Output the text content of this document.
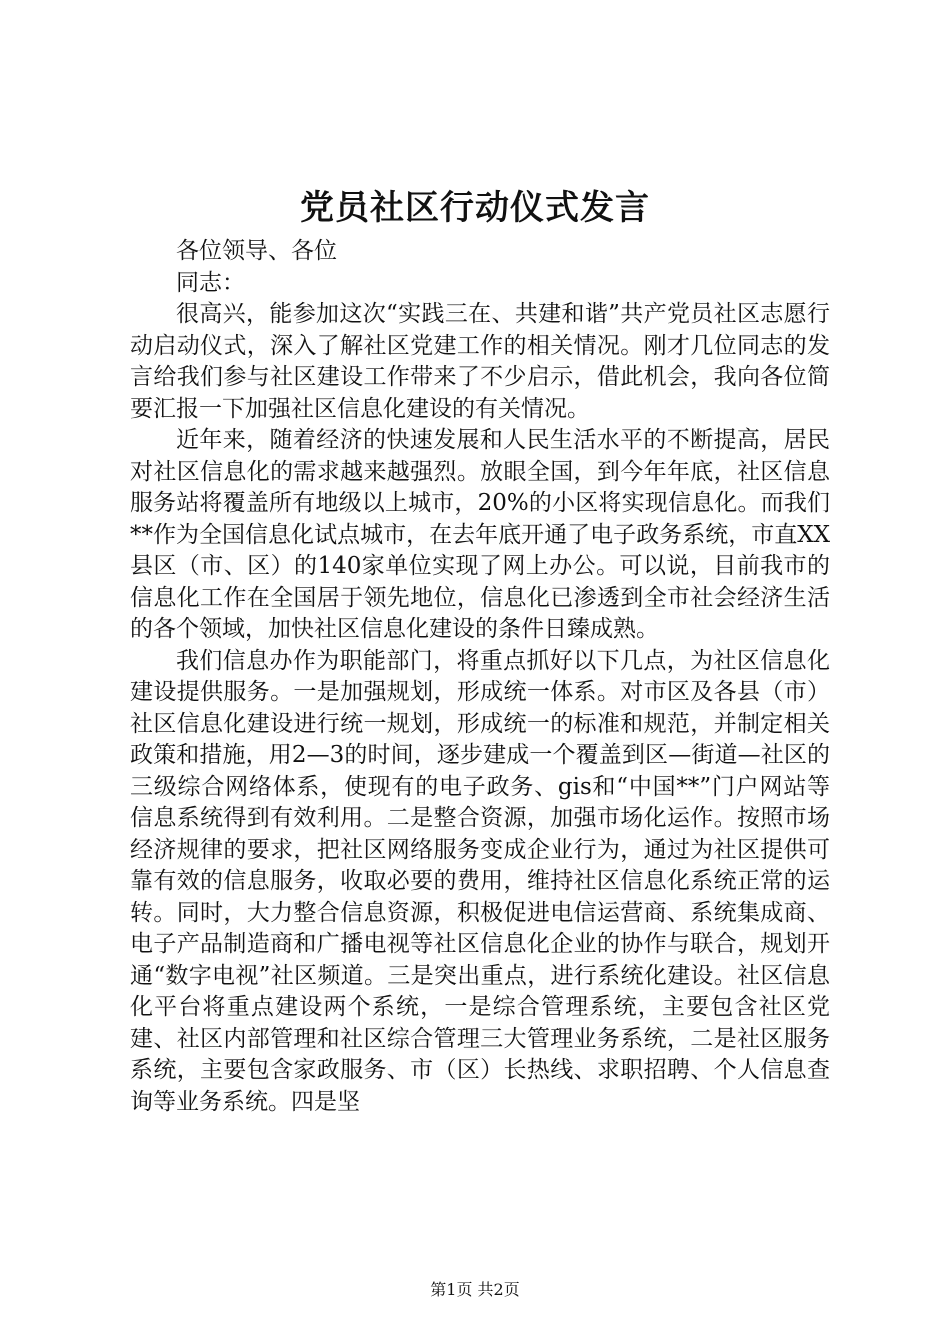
党员社区行动仪式发言

各位领导、各位

同志：

很高兴，能参加这次“实践三在、共建和谐”共产党员社区志愿行动启动仪式，深入了解社区党建工作的相关情况。刚才几位同志的发言给我们参与社区建设工作带来了不少启示，借此机会，我向各位简要汇报一下加强社区信息化建设的有关情况。

近年来，随着经济的快速发展和人民生活水平的不断提高，居民对社区信息化的需求越来越强烈。放眼全国，到今年年底，社区信息服务站将覆盖所有地级以上城市，20%的小区将实现信息化。而我们**作为全国信息化试点城市，在去年底开通了电子政务系统，市直XX县区（市、区）的140家单位实现了网上办公。可以说，目前我市的信息化工作在全国居于领先地位，信息化已渗透到全市社会经济生活的各个领域，加快社区信息化建设的条件日臻成熟。

我们信息办作为职能部门，将重点抓好以下几点，为社区信息化建设提供服务。一是加强规划，形成统一体系。对市区及各县（市）社区信息化建设进行统一规划，形成统一的标准和规范，并制定相关政策和措施，用2—3的时间，逐步建成一个覆盖到区—街道—社区的三级综合网络体系，使现有的电子政务、gis和“中国**”门户网站等信息系统得到有效利用。二是整合资源，加强市场化运作。按照市场经济规律的要求，把社区网络服务变成企业行为，通过为社区提供可靠有效的信息服务，收取必要的费用，维持社区信息化系统正常的运转。同时，大力整合信息资源，积极促进电信运营商、系统集成商、电子产品制造商和广播电视等社区信息化企业的协作与联合，规划开通“数字电视”社区频道。三是突出重点，进行系统化建设。社区信息化平台将重点建设两个系统，一是综合管理系统，主要包含社区党建、社区内部管理和社区综合管理三大管理业务系统，二是社区服务系统，主要包含家政服务、市（区）长热线、求职招聘、个人信息查询等业务系统。四是坚

第1页 共2页
